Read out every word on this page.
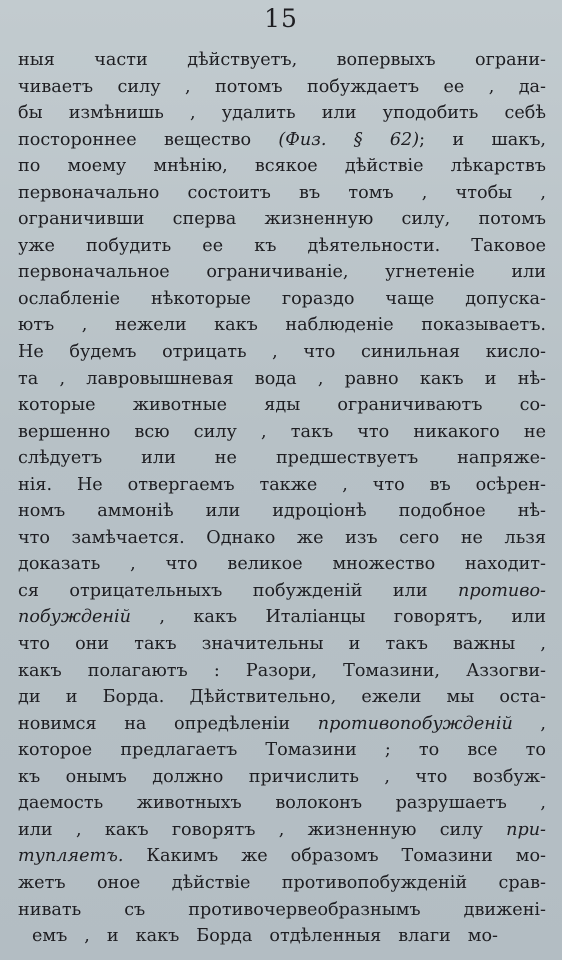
15
ныя части дѣйствуетъ, вопервыхъ ограни-
чиваетъ силу , потомъ побуждаетъ ее , да-
бы измѣнишь , удалить или уподобить себѣ
постороннее вещество (Физ. § 62); и шакъ,
по моему мнѣнію, всякое дѣйствіе лѣкарствъ
первоначально состоитъ въ томъ , чтобы ,
ограничивши сперва жизненную силу, потомъ
уже побудить ее къ дѣятельности. Таковое
первоначальное ограничиваніе, угнетеніе или
ослабленіе нѣкоторые гораздо чаще допуска-
ютъ , нежели какъ наблюденіе показываетъ.
Не будемъ отрицать , что синильная кисло-
та , лавровышневая вода , равно какъ и нѣ-
которые животные яды ограничиваютъ со-
вершенно всю силу , такъ что никакого не
слѣдуетъ или не предшествуетъ напряже-
нія. Не отвергаемъ также , что въ осѣрен-
номъ аммоніѣ или идроціонѣ подобное нѣ-
что замѣчается. Однако же изъ сего не льзя
доказать , что великое множество находит-
ся отрицательныхъ побужденій или противо-
побужденій , какъ Италіанцы говорятъ, или
что они такъ значительны и такъ важны ,
какъ полагаютъ : Разори, Томазини, Аззогви-
ди и Борда. Дѣйствительно, ежели мы оста-
новимся на опредѣленіи противопобужденій ,
которое предлагаетъ Томазини ; то все то
къ онымъ должно причислить , что возбуж-
даемость животныхъ волоконъ разрушаетъ ,
или , какъ говорятъ , жизненную силу при-
тупляетъ. Какимъ же образомъ Томазини мо-
жетъ оное дѣйствіе противопобужденій срав-
нивать съ противочервеобразнымъ движені-
емъ , и какъ Борда отдѣленныя влаги мо-
